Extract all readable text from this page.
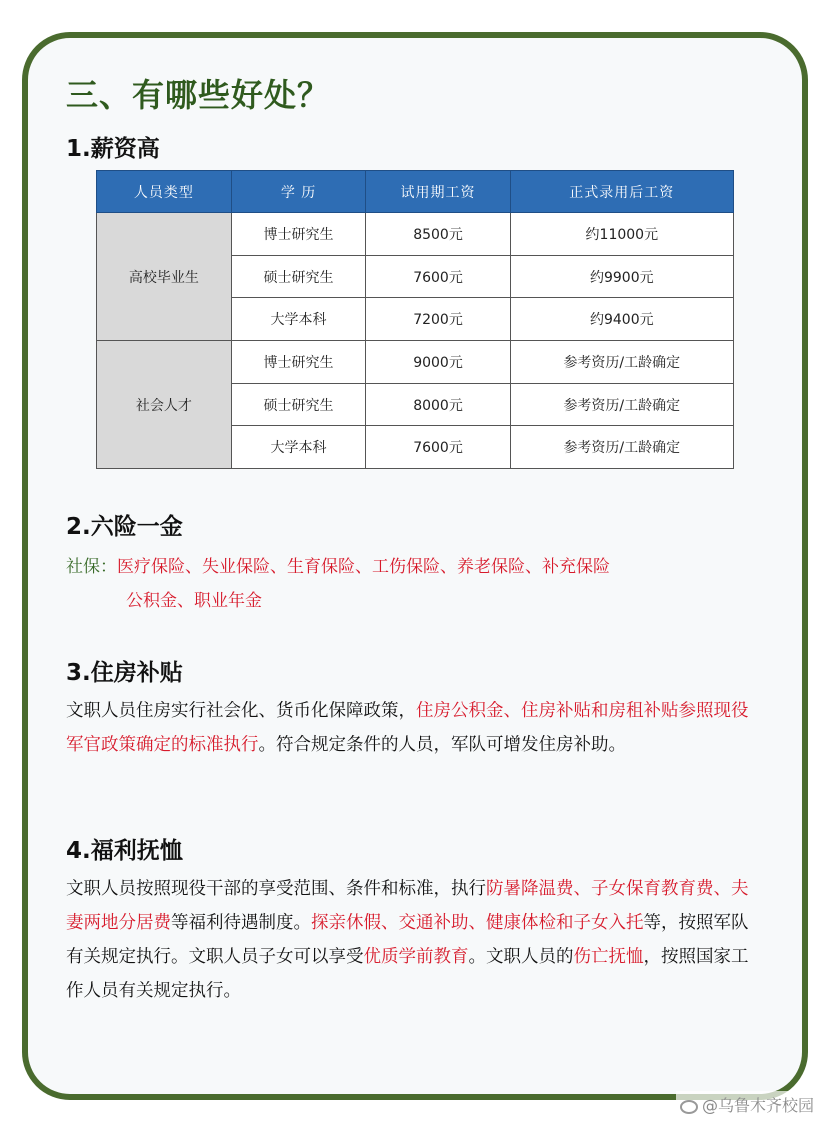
三、有哪些好处？
1.薪资高
人员类型	学 历	试用期工资	正式录用后工资
高校毕业生	博士研究生	8500元	约11000元
	硕士研究生	7600元	约9900元
	大学本科	7200元	约9400元
社会人才	博士研究生	9000元	参考资历/工龄确定
	硕士研究生	8000元	参考资历/工龄确定
	大学本科	7600元	参考资历/工龄确定
2.六险一金
社保：医疗保险、失业保险、生育保险、工伤保险、养老保险、补充保险
公积金、职业年金
3.住房补贴
文职人员住房实行社会化、货币化保障政策，住房公积金、住房补贴和房租补贴参照现役军官政策确定的标准执行。符合规定条件的人员，军队可增发住房补助。
4.福利抚恤
文职人员按照现役干部的享受范围、条件和标准，执行防暑降温费、子女保育教育费、夫妻两地分居费等福利待遇制度。探亲休假、交通补助、健康体检和子女入托等，按照军队有关规定执行。文职人员子女可以享受优质学前教育。文职人员的伤亡抚恤，按照国家工作人员有关规定执行。
@乌鲁木齐校园
